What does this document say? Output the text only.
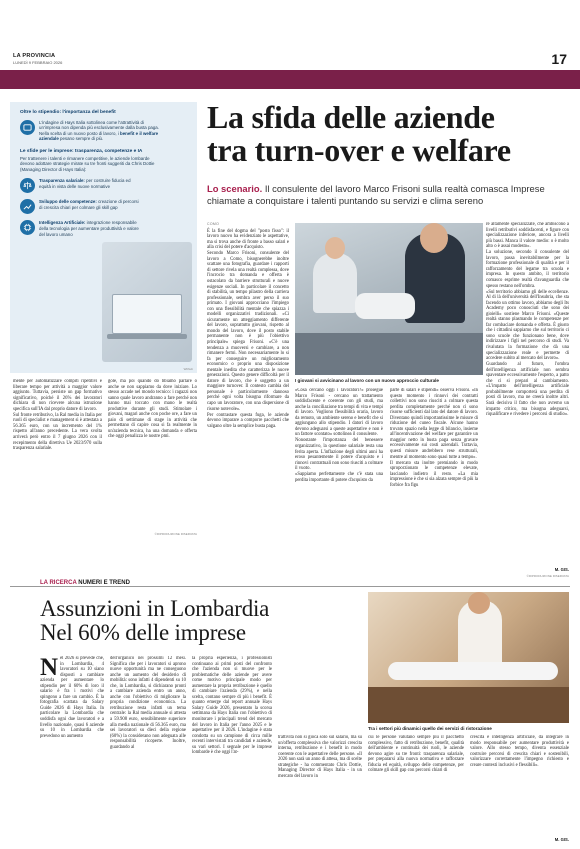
LA PROVINCIA
LUNEDÌ 9 FEBBRAIO 2026	17
Oltre lo stipendio: l'importanza del benefit
L'indagine di Hays Italia sottolinea come l'attrattività di un'impresa non dipenda più esclusivamente dalla busta paga. Nella scelta di un nuovo posto di lavoro, i benefit e il welfare aziendale pesano sempre di più.
Le sfide per le imprese: trasparenza, competenze e IA
Per trattenere i talenti e rimanere competitive, le aziende lombarde devono adottare strategie mirate su tre fronti suggeriti da Chris Dottie (Managing Director di Hays Italia):
Trasparenza salariale: per costruire fiducia ed equità in vista delle nuove normative
Sviluppo delle competenze: creazione di percorsi di crescita chiari per colmare gli skill gap
Intelligenza Artificiale: integrazione responsabile della tecnologia per aumentare produttività e valore del lavoro umano
Withub
La sfida delle aziende
tra turn-over e welfare
Lo scenario. Il consulente del lavoro Marco Frisoni sulla realtà comasca Imprese chiamate a conquistare i talenti puntando su servizi e clima sereno
COMO

È la fine del dogma del "posto fisso": il lavoro nuovo ha evidenziato le aspettative, ma si trova anche di fronte a basso salari e alla crisi del potere d'acquisto.

Secondo Marco Frisoni, consulente del lavoro a Como, bisognerebbe inoltre scattare una fotografia, guardare i rapporti di settore rivela una realtà complessa, dove l'incrocio tra domanda e offerta è ostacolato da barriere strutturali e nuove esigenze sociali. In particolare il concetto di stabilità, un tempo pilastro della carriera professionale, sembra aver perso il suo primato. I giovani approcciano l'impiego con una flessibilità mentale che spiazza i modelli organizzativi tradizionali. «Ci sicuramente un atteggiamento differente del lavoro, soprattutto giovani, rispetto al mondo del lavoro, dove il posto stabile permanente non è più l'obiettivo principale» spiega Frisoni. «C'è una tendenza a muoversi e cambiare, a non rimanere fermi. Non necessariamente lo si fa per conseguire un miglioramento economico o proprio una disposizione mentale inedita che caratterizza le nuove generazioni. Questo genere difficoltà per il datore di lavoro, che è soggetto a un maggiore turnover. Il contesto cambia del personale è particolarmente dannoso perché ogni volta bisogna riformare da capo un lavoratore, con una dispersione di risorse notevole».

Per contrastare questa fuga, le aziende devono imparare a comporre pacchetti che valgano oltre la semplice busta paga.

I giovani si avvicinano al lavoro con un nuovo approccio culturale

«Cosa cercano oggi i lavoratori?» prosegue Marco Frisoni - cercano un trattamento soddisfacente e coerente con gli studi, ma anche la conciliazione tra tempi di vita e tempi di lavoro. Vogliono flessibilità oraria, lavoro da remoto, un ambiente sereno e benefit che si aggiungano allo stipendio. I datori di lavoro devono adeguarsi a queste aspettative e non è un fattore scontato» sottolinea il consulente.

Nonostante l'importanza del benessere organizzativo, la questione salariale resta una ferita aperta. L'inflazione degli ultimi anni ha eroso pesantemente il potere d'acquisto e i rinnovi contrattuali non sono riusciti a colmare il vuoto.

«Sappiamo perfettamente che c'è stata una perdita importante di potere d'acquisto da

parte di salari e stipendi» osserva Frisoni. «In questo momento i rinnovi dei contratti collettivi non sono riusciti a colmare questa perdita completamente perché non ci sono risorse sufficienti dal lato del datore di lavoro. Diventano quindi importantissime le misure di riduzione del cuneo fiscale. Alcune hanno trovato spazio nella legge di bilancio, insieme all'incentivazione del welfare per garantire un maggior netto in busta paga senza gravare eccessivamente sui costi aziendali. Tuttavia, questi misure andrebbero rese strutturali, mentre al momento sono quasi tutte a tempo».

Il mercato sta inoltre premiando in modo sproporzionato le competenze elevate, lasciando indietro il resto. «La mia impressione è che si sia alzata sempre di più la forbice fra figu

re altamente specializzate, che ambiscono a livelli retributivi soddisfacenti, e figure con specializzazione inferiore, ancora a livelli più bassi. Manca il valore medio: o è molto alto o è assai modesto».

La soluzione, secondo il consulente del lavoro, passa inevitabilmente per la formazione professionale di qualità e per il rafforzamento del legame tra scuola e impresa. In questo ambito, il territorio comasco esprime realtà d'avanguardia che spesso restano nell'ombra.

«Sul territorio abbiamo gli delle eccellenze. Al di là dell'università dell'Insubria, che sta facendo un ottimo lavoro, abbiamo degli Its Academy poco conosciuti che sono dei gioielli» sostiene Marco Frisoni. «Queste realtà stanno plasmando le competenze per far combaciare domanda e offerta. È giusto che i cittadini sappiamo che sul territorio ci sono scuole che funzionano bene, dove indirizzare i figli nel percorso di studi. Va rivalutata la formazione che dà una specializzazione reale e permette di accedere subito al mercato del lavoro».

Guardando al futuro, l'ombra dell'intelligenza artificiale non sembra spaventare eccessivamente l'esperto, a patto che ci si prepari al cambiamento. «L'impatto dell'intelligenza artificiale probabilmente comporterà una perdita di posti di lavoro, ma ne creerà inoltre altri. Sarà decisiva il fatto che non avremo un impatto critico, ma bisogna adeguarsi, riqualificare e rivedere i percorsi di studio».

M. GIS.
©RIPRODUZIONE RISERVATA

mente per automatizzare compiti ripetitivi e liberare tempo per attività a maggior valore aggiunto. Tuttavia, persiste un gap formativo significativo, poiché il 26% dei lavoratori dichiara di non ricevere alcuna istruzione specifica sull'IA dal proprio datore di lavoro.

Sul fronte retributivo, la Ral media in Italia per ruoli di specialist e management si è attestata a 56.365 euro, con un incremento del 1% rispetto all'anno precedente. La vera svolta arriverà però entro il 7 giugno 2026 con il recepimento della direttiva Ue 2023/970 sulla trasparenza salariale.

gole, ma poi quando do bbiamo parlare o anche se non sappiamo da dove iniziare. Lo stesso accade nel mondo tecnico: i ragazzi non sanno quale lavoro andranno a fare perché non hanno mai toccato con mano le realtà produttive durante gli studi. Stimolare i giovani, magari anche con poche ore, a fare un paio di settimane di stage in attività che permettano di capire cosa si fa realmente in un'azienda tecnica, ha una domanda e offerta che oggi penalizza le nostre pmi.

©RIPRODUZIONE RISERVATA
LA RICERCA NUMERI E TREND
Assunzioni in Lombardia
Nel 60% delle imprese
Tra i settori più dinamici quello dei servizi di ristorazione
N el 2026 si prevede che, in Lombardia, 4 lavoratori su 10 siano disposti a cambiare azienda per aumentare lo stipendio per il 60% di loro il salario è fra i motivi che spingono a fare un cambio. È la fotografia scattata da Salary Guide 2026 di Hays Italia. In particolare la Lombardia che soddisfa ogni due lavoratori e a livello nazionale, quasi 6 aziende su 10 in Lombardia che prevedono un aumento

dell'organico nei prossimi 12 mesi. Significa che per i lavoratori si aprono nuove opportunità ma ne conseguono anche un aumento del desiderio di mobilità: sono infatti 4 dipendenti su 10 che, in Lombardia, si dichiarano pronti a cambiare azienda entro un anno, anche con l'obiettivo di migliorare la propria condizione economica. La retribuzione resta infatti un tema centrale: la Ral media annuale si attesta a 59.908 euro, sensibilmente superiore alla media nazionale di 56.365 euro, ma sei lavoratori su dieci della regione (60%) la considerano non adeguata alle responsabilità ricoperte. Inoltre, guardando al

la propria esperienza, i professionisti continuano ai primi posti del confronto che l'azienda non si muove per le problematiche delle aziende per avere come motivo principale modo per aumentare la propria retribuzione è quello di cambiare l'azienda (29%), e nella scelta, contano sempre di più i benefit. È quanto emerge dal report annuale Hays Salary Guide 2026, presentato la scorsa settimana da Hays Italia con l'obiettivo di monitorare i principali trend del mercato del lavoro in Italia per l'anno 2025 e le aspettative per il 2026. L'indagine è stata condotta su un campione di circa mille recenti intervistati tra candidati e aziende, su vari settori. I segnale per le imprese lombarde è che oggi l'at-

trattività non si gioca solo sul salario, ma su un'offerta complessiva che valorizzi crescita interna, retribuzione e i benefit in modo coerente con le aspettative delle persone. «Il 2026 non sarà un anno di attesa, ma di scelte strategiche - ha commentato Chris Dottie, Managing Director di Hays Italia - in un mercato del lavoro in

cui le persone valutano sempre più il pacchetto complessivo, fatto di retribuzione, benefit, qualità dell'ambiente e continuità dei ruoli, le aziende devono agire su tre fronti: trasparenza salariale, per prepararsi alla nuova normativa e rafforzare fiducia ed equità, sviluppo delle competenze, per colmare gli skill gap con percorsi chiari di

crescita e intelligenza artificiale, da integrare in modo responsabile per aumentare produttività e valore. Allo stesso tempo, diventa essenziale costruire percorsi di crescita chiari e sostenibili, valorizzare correttamente l'impegno richiesto e creare contesti inclusivi e flessibili».

M. GIS.
